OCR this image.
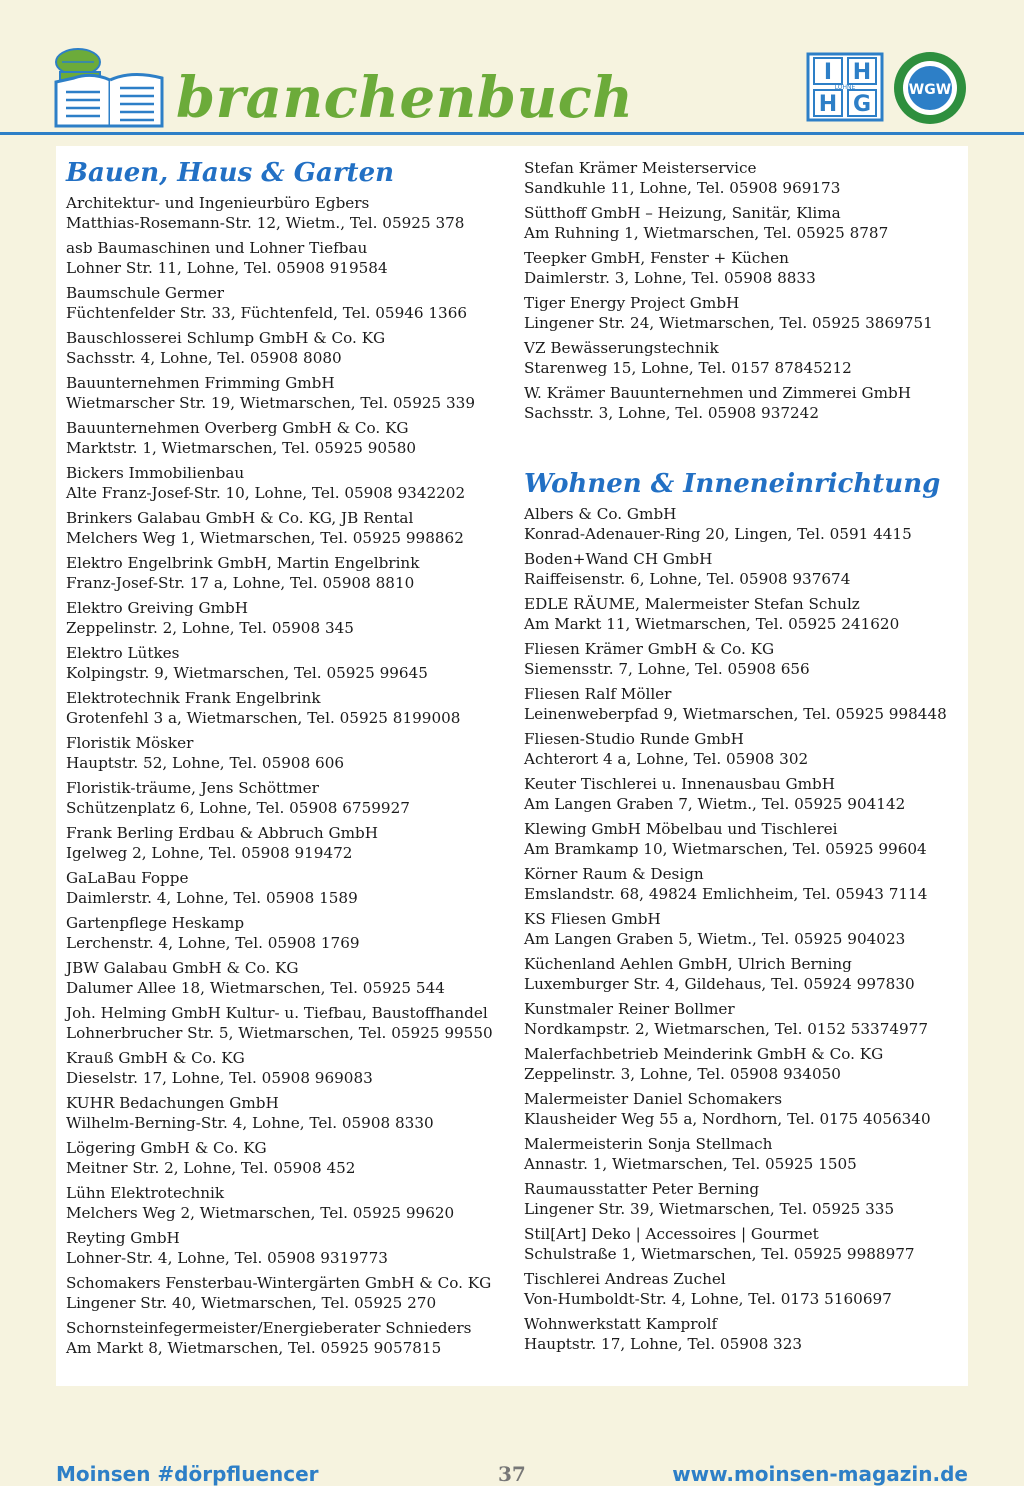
branchenbuch	I H
H G
LOHNE	WGW
Bauen, Haus & Garten
Architektur- und Ingenieurbüro Egbers
Matthias-Rosemann-Str. 12, Wietm., Tel. 05925 378
asb Baumaschinen und Lohner Tiefbau
Lohner Str. 11, Lohne, Tel. 05908 919584
Baumschule Germer
Füchtenfelder Str. 33, Füchtenfeld, Tel. 05946 1366
Bauschlosserei Schlump GmbH & Co. KG
Sachsstr. 4, Lohne, Tel. 05908 8080
Bauunternehmen Frimming GmbH
Wietmarscher Str. 19, Wietmarschen, Tel. 05925 339
Bauunternehmen Overberg GmbH & Co. KG
Marktstr. 1, Wietmarschen, Tel. 05925 90580
Bickers Immobilienbau
Alte Franz-Josef-Str. 10, Lohne, Tel. 05908 9342202
Brinkers Galabau GmbH & Co. KG, JB Rental
Melchers Weg 1, Wietmarschen, Tel. 05925 998862
Elektro Engelbrink GmbH, Martin Engelbrink
Franz-Josef-Str. 17 a, Lohne, Tel. 05908 8810
Elektro Greiving GmbH
Zeppelinstr. 2, Lohne, Tel. 05908 345
Elektro Lütkes
Kolpingstr. 9, Wietmarschen, Tel. 05925 99645
Elektrotechnik Frank Engelbrink
Grotenfehl 3 a, Wietmarschen, Tel. 05925 8199008
Floristik Mösker
Hauptstr. 52, Lohne, Tel. 05908 606
Floristik-träume, Jens Schöttmer
Schützenplatz 6, Lohne, Tel. 05908 6759927
Frank Berling Erdbau & Abbruch GmbH
Igelweg 2, Lohne, Tel. 05908 919472
GaLaBau Foppe
Daimlerstr. 4, Lohne, Tel. 05908 1589
Gartenpflege Heskamp
Lerchenstr. 4, Lohne, Tel. 05908 1769
JBW Galabau GmbH & Co. KG
Dalumer Allee 18, Wietmarschen, Tel. 05925 544
Joh. Helming GmbH Kultur- u. Tiefbau, Baustoffhandel
Lohnerbrucher Str. 5, Wietmarschen, Tel. 05925 99550
Krauß GmbH & Co. KG
Dieselstr. 17, Lohne, Tel. 05908 969083
KUHR Bedachungen GmbH
Wilhelm-Berning-Str. 4, Lohne, Tel. 05908 8330
Lögering GmbH & Co. KG
Meitner Str. 2, Lohne, Tel. 05908 452
Lühn Elektrotechnik
Melchers Weg 2, Wietmarschen, Tel. 05925 99620
Reyting GmbH
Lohner-Str. 4, Lohne, Tel. 05908 9319773
Schomakers Fensterbau-Wintergärten GmbH & Co. KG
Lingener Str. 40, Wietmarschen, Tel. 05925 270
Schornsteinfegermeister/Energieberater Schnieders
Am Markt 8, Wietmarschen, Tel. 05925 9057815
Stefan Krämer Meisterservice
Sandkuhle 11, Lohne, Tel. 05908 969173
Sütthoff GmbH – Heizung, Sanitär, Klima
Am Ruhning 1, Wietmarschen, Tel. 05925 8787
Teepker GmbH, Fenster + Küchen
Daimlerstr. 3, Lohne, Tel. 05908 8833
Tiger Energy Project GmbH
Lingener Str. 24, Wietmarschen, Tel. 05925 3869751
VZ Bewässerungstechnik
Starenweg 15, Lohne, Tel. 0157 87845212
W. Krämer Bauunternehmen und Zimmerei GmbH
Sachsstr. 3, Lohne, Tel. 05908 937242
Wohnen & Inneneinrichtung
Albers & Co. GmbH
Konrad-Adenauer-Ring 20, Lingen, Tel. 0591 4415
Boden+Wand CH GmbH
Raiffeisenstr. 6, Lohne, Tel. 05908 937674
EDLE RÄUME, Malermeister Stefan Schulz
Am Markt 11, Wietmarschen, Tel. 05925 241620
Fliesen Krämer GmbH & Co. KG
Siemensstr. 7, Lohne, Tel. 05908 656
Fliesen Ralf Möller
Leinenweberpfad 9, Wietmarschen, Tel. 05925 998448
Fliesen-Studio Runde GmbH
Achterort 4 a, Lohne, Tel. 05908 302
Keuter Tischlerei u. Innenausbau GmbH
Am Langen Graben 7, Wietm., Tel. 05925 904142
Klewing GmbH Möbelbau und Tischlerei
Am Bramkamp 10, Wietmarschen, Tel. 05925 99604
Körner Raum & Design
Emslandstr. 68, 49824 Emlichheim, Tel. 05943 7114
KS Fliesen GmbH
Am Langen Graben 5, Wietm., Tel. 05925 904023
Küchenland Aehlen GmbH, Ulrich Berning
Luxemburger Str. 4, Gildehaus, Tel. 05924 997830
Kunstmaler Reiner Bollmer
Nordkampstr. 2, Wietmarschen, Tel. 0152 53374977
Malerfachbetrieb Meinderink GmbH & Co. KG
Zeppelinstr. 3, Lohne, Tel. 05908 934050
Malermeister Daniel Schomakers
Klausheider Weg 55 a, Nordhorn, Tel. 0175 4056340
Malermeisterin Sonja Stellmach
Annastr. 1, Wietmarschen, Tel. 05925 1505
Raumausstatter Peter Berning
Lingener Str. 39, Wietmarschen, Tel. 05925 335
Stil[Art] Deko | Accessoires | Gourmet
Schulstraße 1, Wietmarschen, Tel. 05925 9988977
Tischlerei Andreas Zuchel
Von-Humboldt-Str. 4, Lohne, Tel. 0173 5160697
Wohnwerkstatt Kamprolf
Hauptstr. 17, Lohne, Tel. 05908 323
Moinsen #dörpfluencer	37	www.moinsen-magazin.de
